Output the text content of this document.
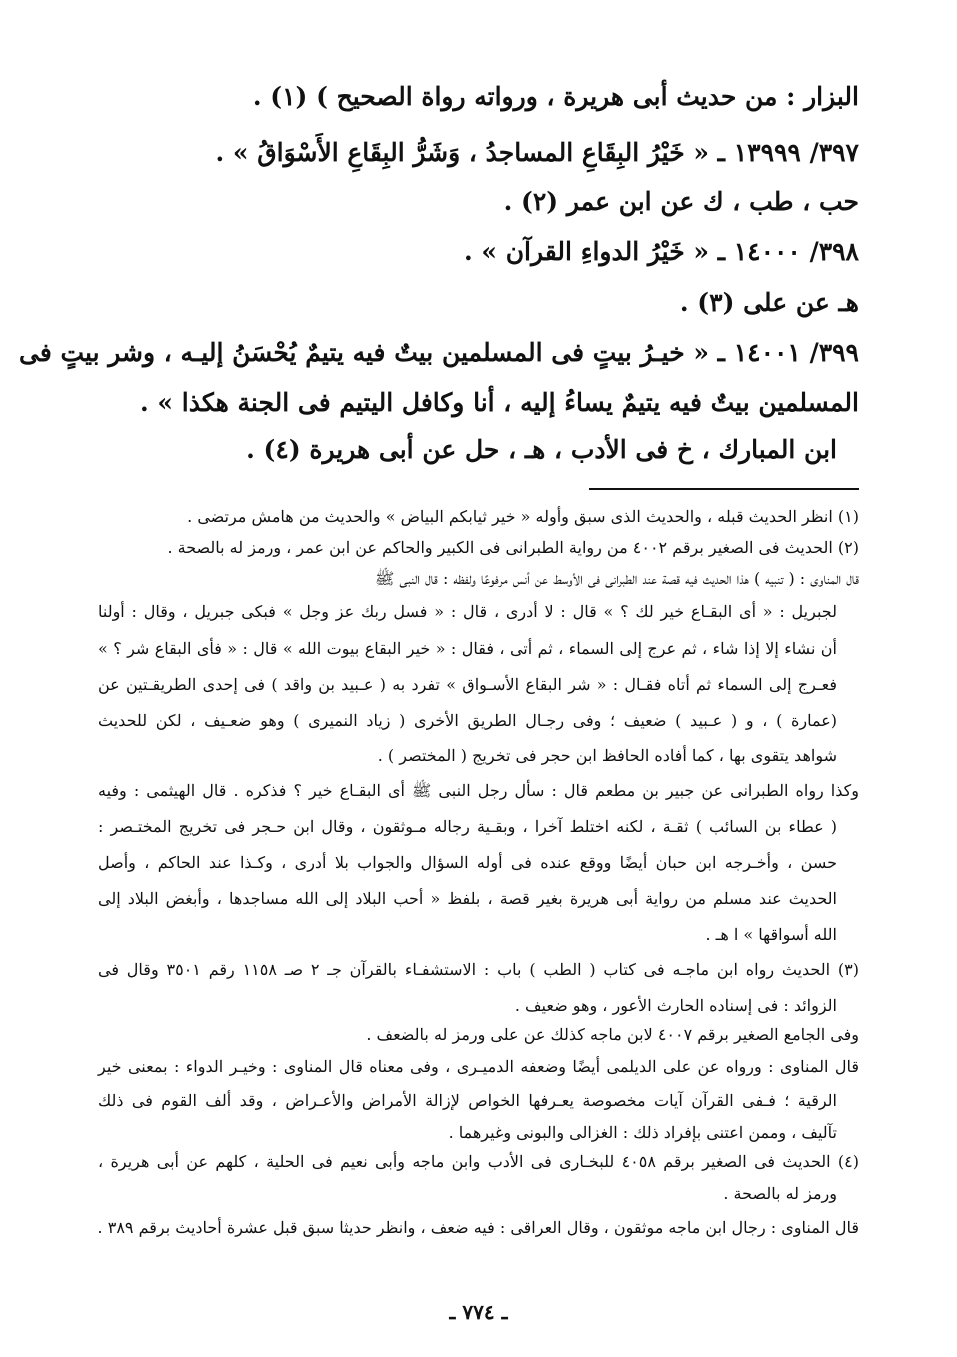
البزار : من حديث أبى هريرة ، ورواته رواة الصحيح ) (١) .
٣٩٧/ ١٣٩٩٩ ـ « خَيْرُ البِقَاعِ المساجدُ ، وَشَرُّ البِقَاعِ الأَسْوَاقُ » .
حب ، طب ، ك عن ابن عمر (٢) .
٣٩٨/ ١٤٠٠٠ ـ « خَيْرُ الدواءِ القرآن » .
هـ عن على (٣) .
٣٩٩/ ١٤٠٠١ ـ « خيـرُ بيتٍ فى المسلمين بيتٌ فيه يتيمٌ يُحْسَنُ إليـه ، وشر بيتٍ فى
المسلمين بيتٌ فيه يتيمٌ يساءُ إليه ، أنا وكافل اليتيم فى الجنة هكذا » .
ابن المبارك ، خ فى الأدب ، هـ ، حل عن أبى هريرة (٤) .
(١) انظر الحديث قبله ، والحديث الذى سبق وأوله « خير ثيابكم البياض » والحديث من هامش مرتضى .
(٢) الحديث فى الصغير برقم ٤٠٠٢ من رواية الطبرانى فى الكبير والحاكم عن ابن عمر ، ورمز له بالصحة .
قال المناوى : ( تنبيه ) هذا الحديث فيه قصة عند الطبرانى فى الأوسط عن أنس مرفوعًا ولفظه : قال النبى ﷺ
لجبريل : « أى البقـاع خير لك ؟ » قال : لا أدرى ، قال : « فسل ربك عز وجل » فبكى جبريل ، وقال : أولنا
أن نشاء إلا إذا شاء ، ثم عرج إلى السماء ، ثم أتى ، فقال : « خير البقاع بيوت الله » قال : « فأى البقاع شر ؟ »
فعـرج إلى السماء ثم أتاه فقـال : « شر البقاع الأسـواق » تفرد به ( عـبيد بن واقد ) فى إحدى الطريقـتين عن
(عمارة ) ، و ( عـبيد ) ضعيف ؛ وفى رجـال الطريق الأخرى ( زياد النميرى ) وهو ضعـيف ، لكن للحديث
شواهد يتقوى بها ، كما أفاده الحافظ ابن حجر فى تخريج ( المختصر ) .
وكذا رواه الطبرانى عن جبير بن مطعم قال : سأل رجل النبى ﷺ أى البقـاع خير ؟ فذكره . قال الهيثمى : وفيه
( عطاء بن السائب ) ثقـة ، لكنه اختلط آخرا ، وبقـية رجاله مـوثقون ، وقال ابن حـجر فى تخريج المختـصر :
حسن ، وأخـرجه ابن حبان أيضًا ووقع عنده فى أوله السؤال والجواب بلا أدرى ، وكـذا عند الحاكم ، وأصل
الحديث عند مسلم من رواية أبى هريرة بغير قصة ، بلفظ « أحب البلاد إلى الله مساجدها ، وأبغض البلاد إلى
الله أسواقها » ا هـ .
(٣) الحديث رواه ابن ماجـه فى كتاب ( الطب ) باب : الاستشفـاء بالقرآن جـ ٢ صـ ١١٥٨ رقم ٣٥٠١ وقال فى
الزوائد : فى إسناده الحارث الأعور ، وهو ضعيف .
وفى الجامع الصغير برقم ٤٠٠٧ لابن ماجه كذلك عن على ورمز له بالضعف .
قال المناوى : ورواه عن على الديلمى أيضًا وضعفه الدميـرى ، وفى معناه قال المناوى : وخيـر الدواء : بمعنى خير
الرقية ؛ فـفى القرآن آيات مخصوصة يعـرفها الخواص لإزالة الأمراض والأعـراض ، وقد ألف القوم فى ذلك
تآليف ، وممن اعتنى بإفراد ذلك : الغزالى والبونى وغيرهما .
(٤) الحديث فى الصغير برقم ٤٠٥٨ للبخـارى فى الأدب وابن ماجه وأبى نعيم فى الحلية ، كلهم عن أبى هريرة ،
ورمز له بالصحة .
قال المناوى : رجال ابن ماجه موثقون ، وقال العراقى : فيه ضعف ، وانظر حديثا سبق قبل عشرة أحاديث برقم ٣٨٩ .
ـ ٧٧٤ ـ
